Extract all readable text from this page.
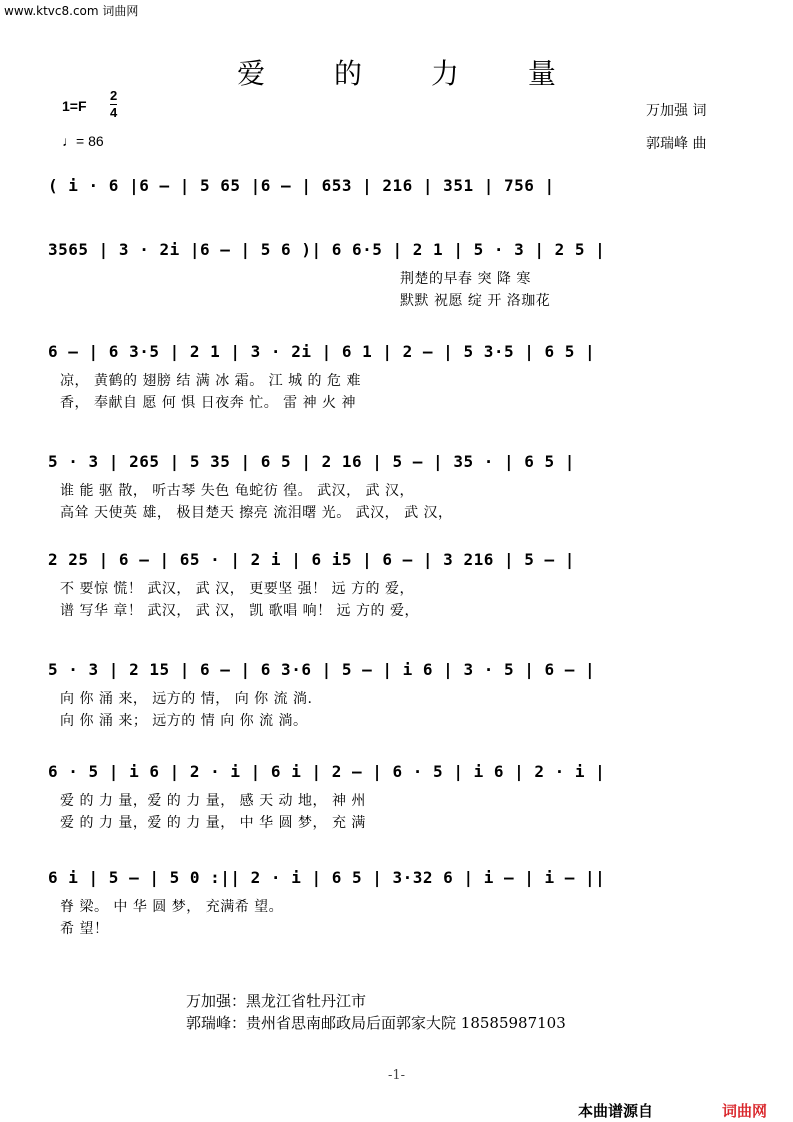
www.ktvc8.com 词曲网
爱 的 力 量
1=F
2
4
♩= 86
万加强 词
郭瑞峰 曲
( i · 6 |6 – | 5 65 |6 – | 653 | 216 | 351 | 756 |
3565 | 3 · 2i |6 – | 5 6 )| 6 6·5 | 2 1 | 5 · 3 | 2 5 |
荆楚的早春 突 降 寒
默默 祝愿 绽 开 洛珈花
6 – | 6 3·5 | 2 1 | 3 · 2i | 6 1 | 2 – | 5 3·5 | 6 5 |
凉， 黄鹤的 翅膀 结 满 冰 霜。 江 城 的 危 难
香， 奉献自 愿 何 惧 日夜奔 忙。 雷 神 火 神
5 · 3 | 265 | 5 35 | 6 5 | 2 16 | 5 – | 35 · | 6 5 |
谁 能 驱 散， 听古琴 失色 龟蛇彷 徨。 武汉， 武 汉，
高耸 天使英 雄， 极目楚天 擦亮 流泪曙 光。 武汉， 武 汉，
2 25 | 6 – | 65 · | 2 i | 6 i5 | 6 – | 3 216 | 5 – |
不 要惊 慌！ 武汉， 武 汉， 更要坚 强！ 远 方的 爱，
谱 写华 章！ 武汉， 武 汉， 凯 歌唱 响！ 远 方的 爱，
5 · 3 | 2 15 | 6 – | 6 3·6 | 5 – | i 6 | 3 · 5 | 6 – |
向 你 涌 来， 远方的 情， 向 你 流 淌.
向 你 涌 来； 远方的 情 向 你 流 淌。
6 · 5 | i 6 | 2 · i | 6 i | 2 – | 6 · 5 | i 6 | 2 · i |
爱 的 力 量，爱 的 力 量， 感 天 动 地， 神 州
爱 的 力 量，爱 的 力 量， 中 华 圆 梦， 充 满
6 i | 5 – | 5 0 :|| 2 · i | 6 5 | 3·32 6 | i – | i – ||
脊 梁。 中 华 圆 梦， 充满希 望。
希 望！
万加强：黑龙江省牡丹江市
郭瑞峰：贵州省思南邮政局后面郭家大院 18585987103
-1-
本曲谱源自	词曲网
